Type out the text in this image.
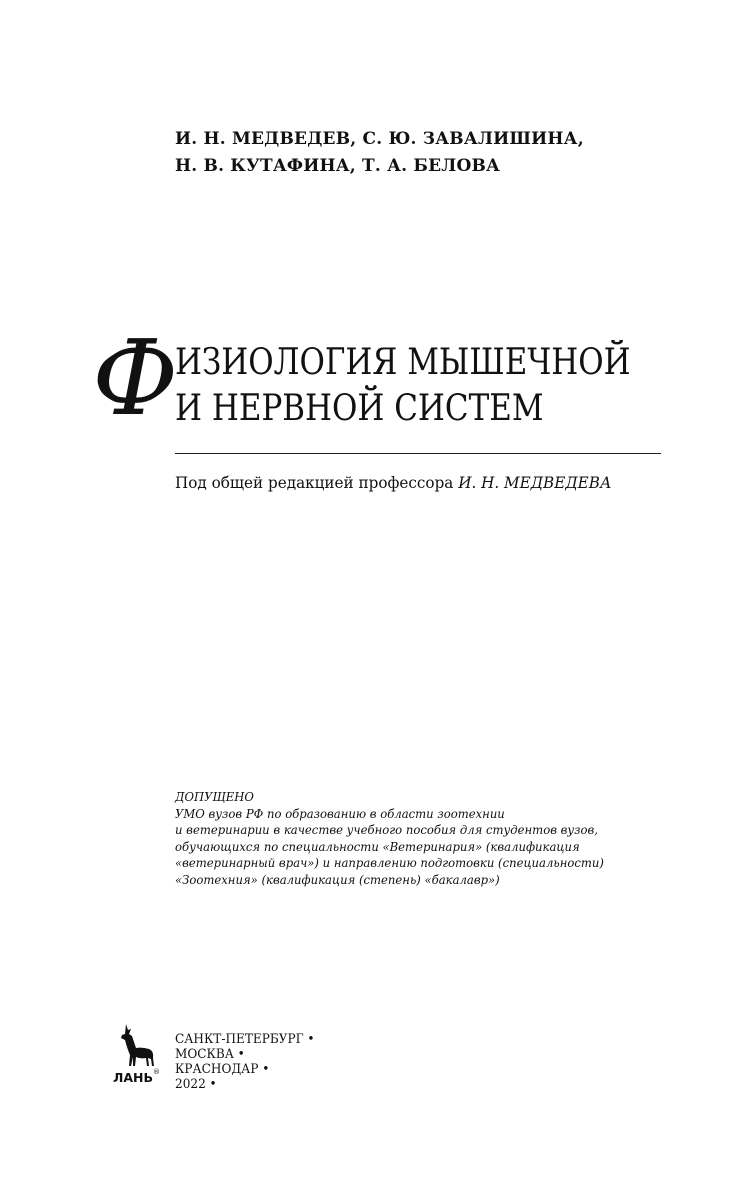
И. Н. МЕДВЕДЕВ, С. Ю. ЗАВАЛИШИНА,
Н. В. КУТАФИНА, Т. А. БЕЛОВА
Ф
ИЗИОЛОГИЯ МЫШЕЧНОЙ
И НЕРВНОЙ СИСТЕМ
Под общей редакцией профессора И. Н. МЕДВЕДЕВА
ДОПУЩЕНО
УМО вузов РФ по образованию в области зоотехнии
и ветеринарии в качестве учебного пособия для студентов вузов,
обучающихся по специальности «Ветеринария» (квалификация
«ветеринарный врач») и направлению подготовки (специальности)
«Зоотехния» (квалификация (степень) «бакалавр»)
ЛАНЬ ®
САНКТ-ПЕТЕРБУРГ •
МОСКВА •
КРАСНОДАР •
2022 •
